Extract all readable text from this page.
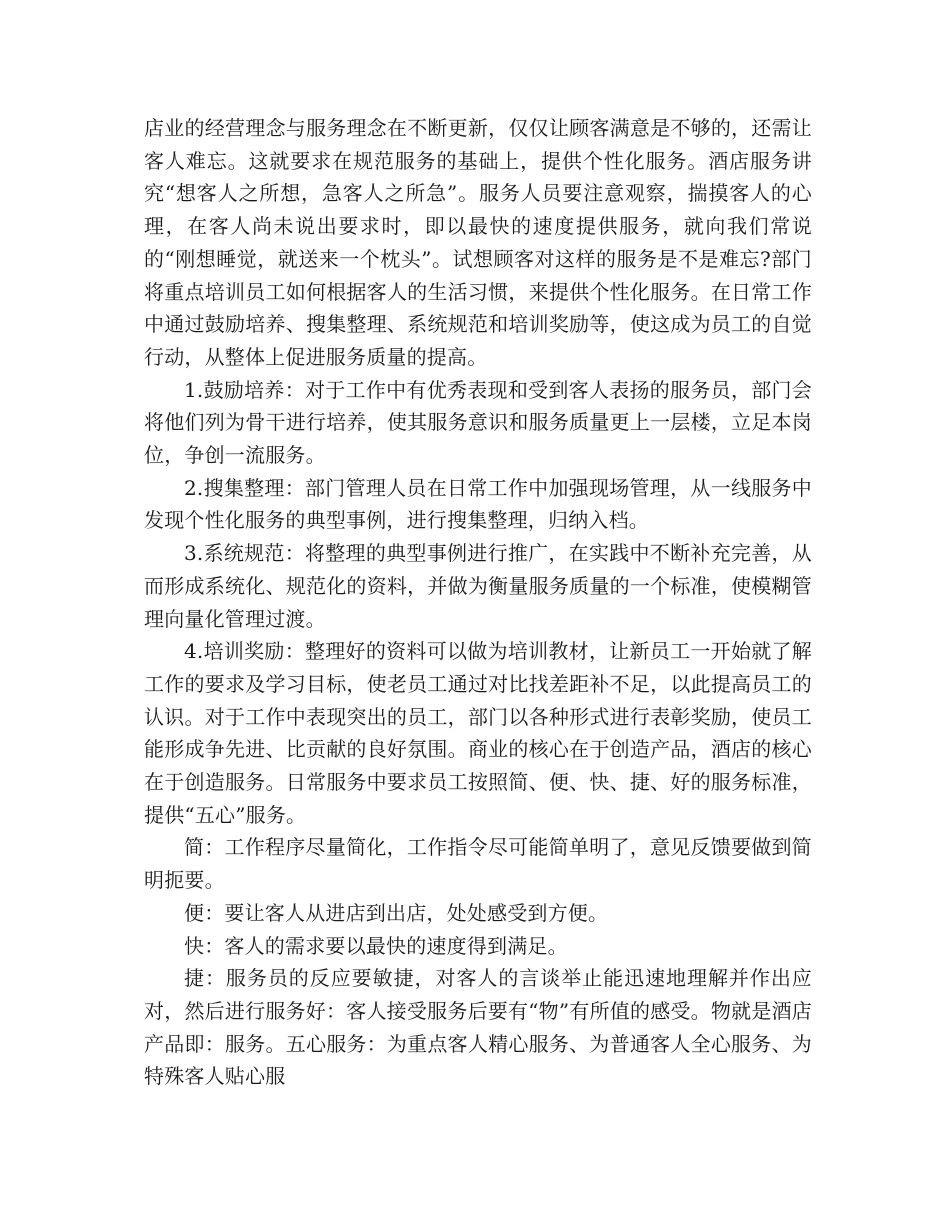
店业的经营理念与服务理念在不断更新，仅仅让顾客满意是不够的，还需让客人难忘。这就要求在规范服务的基础上，提供个性化服务。酒店服务讲究“想客人之所想，急客人之所急”。服务人员要注意观察，揣摸客人的心理，在客人尚未说出要求时，即以最快的速度提供服务，就向我们常说的“刚想睡觉，就送来一个枕头”。试想顾客对这样的服务是不是难忘?部门将重点培训员工如何根据客人的生活习惯，来提供个性化服务。在日常工作中通过鼓励培养、搜集整理、系统规范和培训奖励等，使这成为员工的自觉行动，从整体上促进服务质量的提高。

1.鼓励培养：对于工作中有优秀表现和受到客人表扬的服务员，部门会将他们列为骨干进行培养，使其服务意识和服务质量更上一层楼，立足本岗位，争创一流服务。

2.搜集整理：部门管理人员在日常工作中加强现场管理，从一线服务中发现个性化服务的典型事例，进行搜集整理，归纳入档。

3.系统规范：将整理的典型事例进行推广，在实践中不断补充完善，从而形成系统化、规范化的资料，并做为衡量服务质量的一个标准，使模糊管理向量化管理过渡。

4.培训奖励：整理好的资料可以做为培训教材，让新员工一开始就了解工作的要求及学习目标，使老员工通过对比找差距补不足，以此提高员工的认识。对于工作中表现突出的员工，部门以各种形式进行表彰奖励，使员工能形成争先进、比贡献的良好氛围。商业的核心在于创造产品，酒店的核心在于创造服务。日常服务中要求员工按照简、便、快、捷、好的服务标准，提供“五心”服务。

简：工作程序尽量简化，工作指令尽可能简单明了，意见反馈要做到简明扼要。

便：要让客人从进店到出店，处处感受到方便。

快：客人的需求要以最快的速度得到满足。

捷：服务员的反应要敏捷，对客人的言谈举止能迅速地理解并作出应对，然后进行服务好：客人接受服务后要有“物”有所值的感受。物就是酒店产品即：服务。五心服务：为重点客人精心服务、为普通客人全心服务、为特殊客人贴心服
